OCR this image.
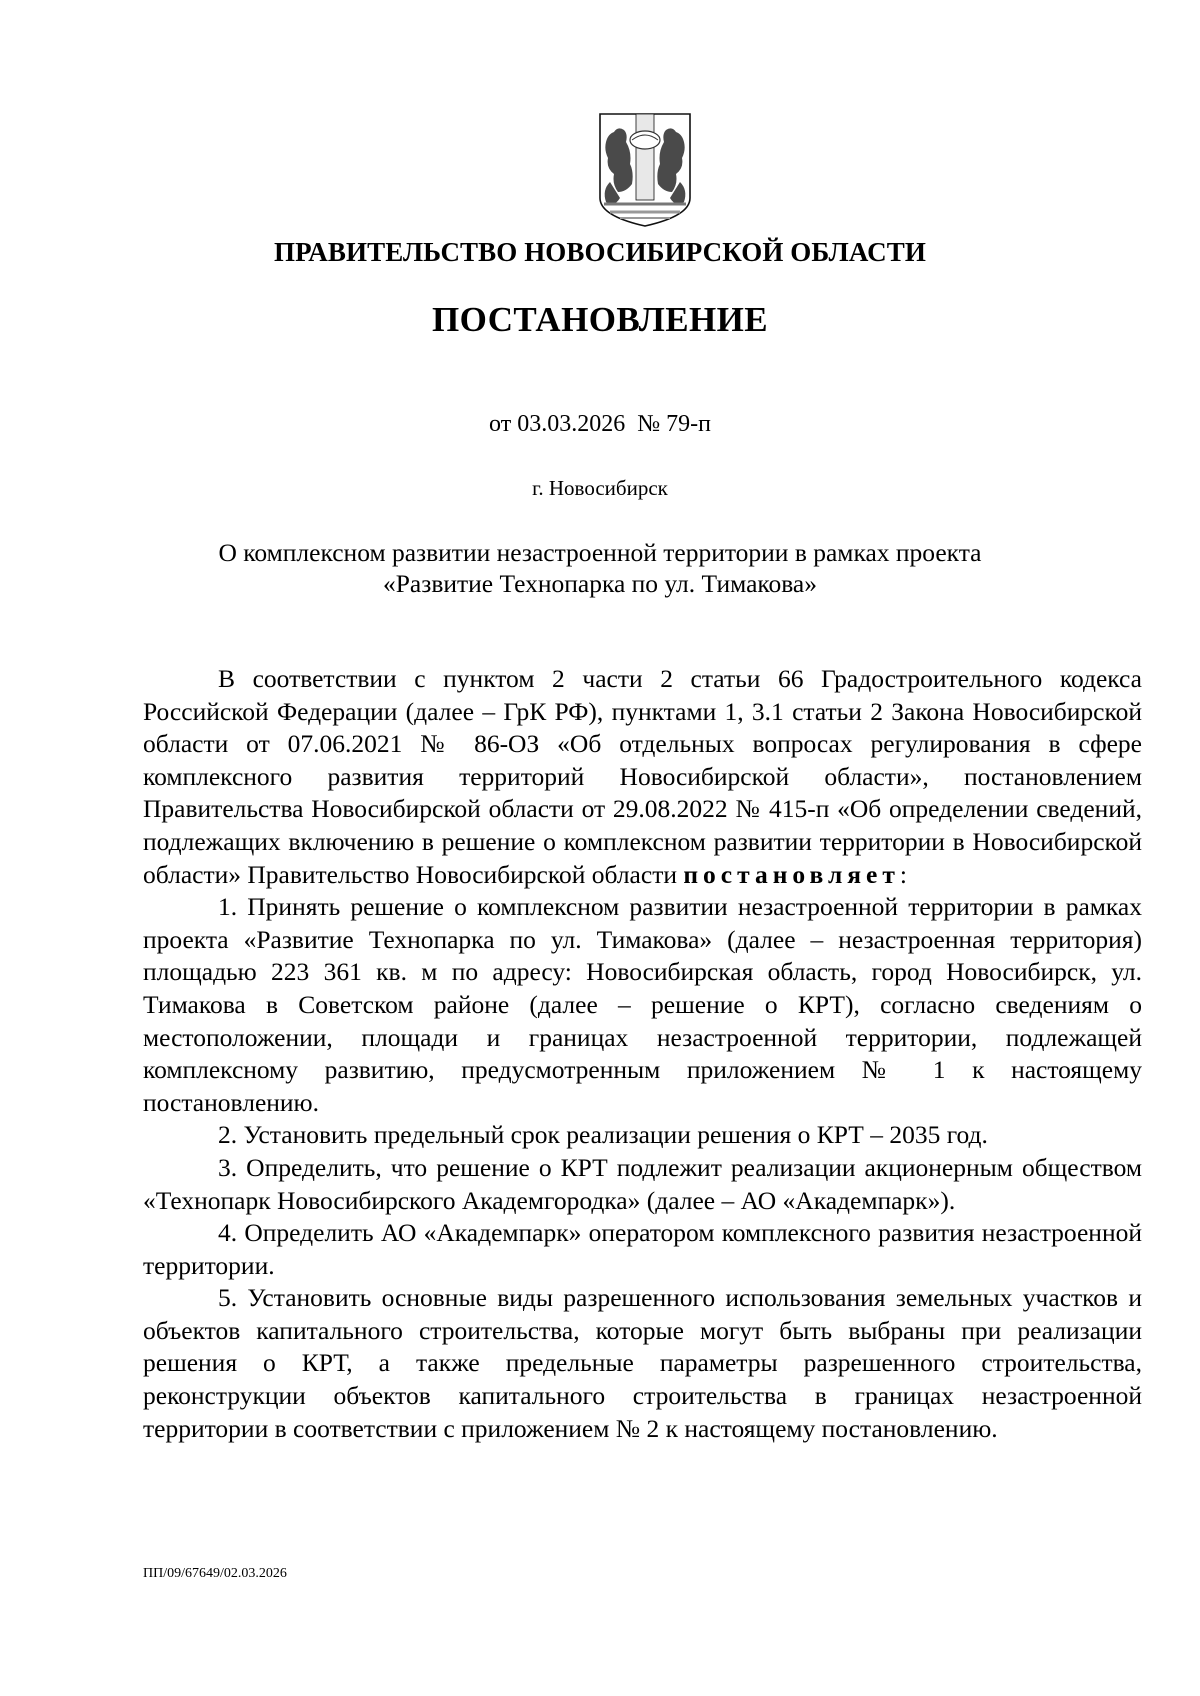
ПРАВИТЕЛЬСТВО НОВОСИБИРСКОЙ ОБЛАСТИ
ПОСТАНОВЛЕНИЕ
от 03.03.2026 № 79-п
г. Новосибирск
О комплексном развитии незастроенной территории в рамках проекта
«Развитие Технопарка по ул. Тимакова»

В соответствии с пунктом 2 части 2 статьи 66 Градостроительного кодекса Российской Федерации (далее – ГрК РФ), пунктами 1, 3.1 статьи 2 Закона Новосибирской области от 07.06.2021 № 86-ОЗ «Об отдельных вопросах регулирования в сфере комплексного развития территорий Новосибирской области», постановлением Правительства Новосибирской области от 29.08.2022 № 415-п «Об определении сведений, подлежащих включению в решение о комплексном развитии территории в Новосибирской области» Правительство Новосибирской области постановляет:

1. Принять решение о комплексном развитии незастроенной территории в рамках проекта «Развитие Технопарка по ул. Тимакова» (далее – незастроенная территория) площадью 223 361 кв. м по адресу: Новосибирская область, город Новосибирск, ул. Тимакова в Советском районе (далее – решение о КРТ), согласно сведениям о местоположении, площади и границах незастроенной территории, подлежащей комплексному развитию, предусмотренным приложением № 1 к настоящему постановлению.

2. Установить предельный срок реализации решения о КРТ – 2035 год.

3. Определить, что решение о КРТ подлежит реализации акционерным обществом «Технопарк Новосибирского Академгородка» (далее – АО «Академпарк»).

4. Определить АО «Академпарк» оператором комплексного развития незастроенной территории.

5. Установить основные виды разрешенного использования земельных участков и объектов капитального строительства, которые могут быть выбраны при реализации решения о КРТ, а также предельные параметры разрешенного строительства, реконструкции объектов капитального строительства в границах незастроенной территории в соответствии с приложением № 2 к настоящему постановлению.

ПП/09/67649/02.03.2026
